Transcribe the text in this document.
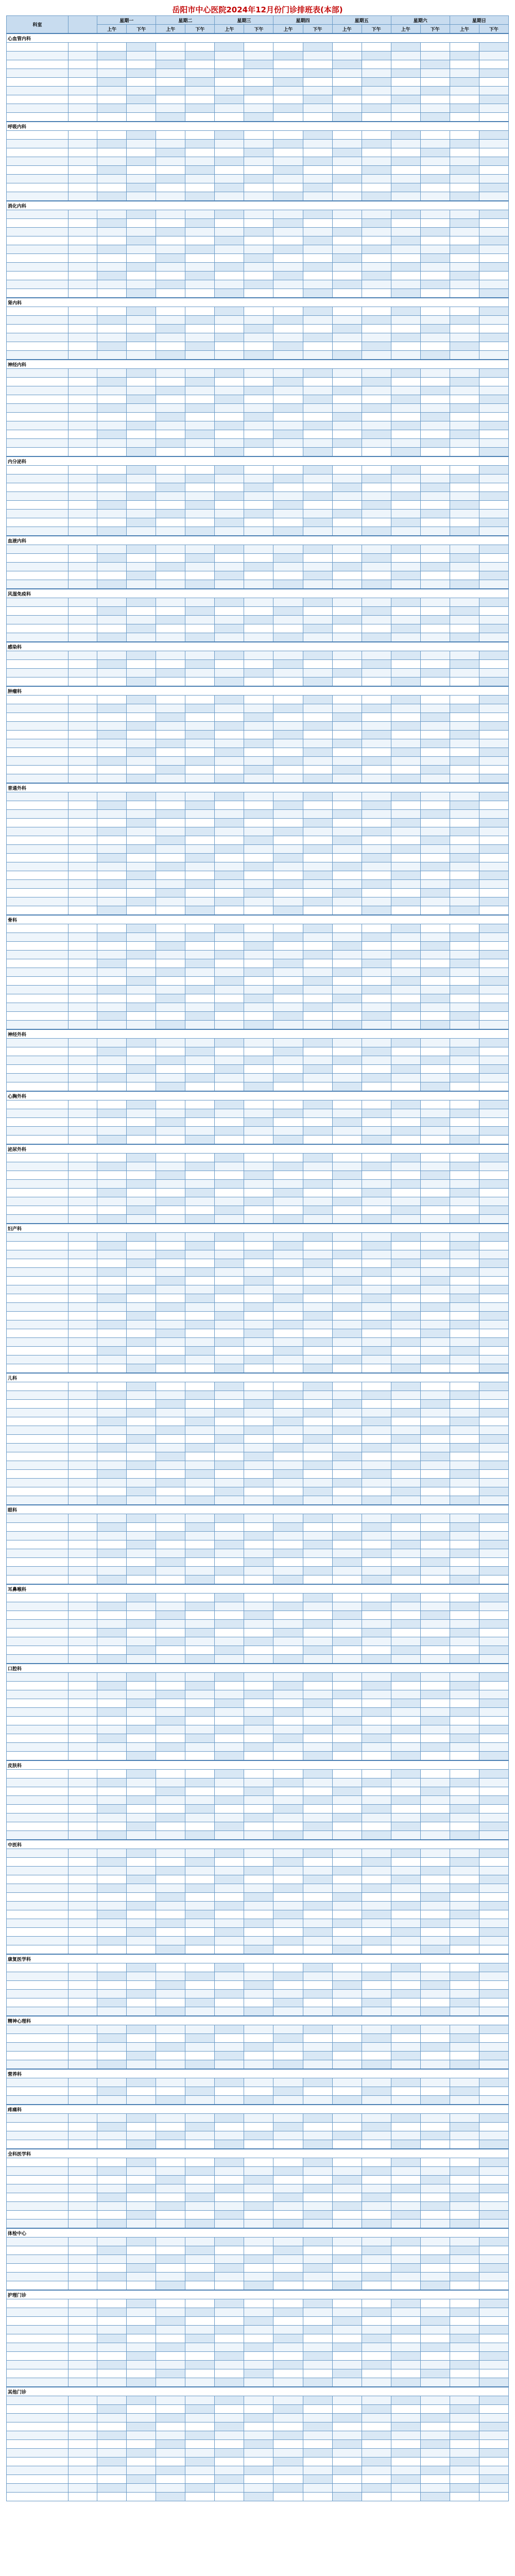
岳阳市中心医院2024年12月份门诊排班表(本部)
科室		星期一		星期二		星期三		星期四		星期五		星期六		星期日	
		上午	下午	上午	下午	上午	下午	上午	下午	上午	下午	上午	下午	上午	下午
心血管内科															

呼吸内科															

消化内科															

肾内科															

神经内科															

内分泌科															

血液内科															

风湿免疫科															

感染科															

肿瘤科															

普通外科															

骨科															

神经外科															

心胸外科															

泌尿外科															

妇产科															

儿科															

眼科															

耳鼻喉科															

口腔科															

皮肤科															

中医科															

康复医学科															

精神心理科															

营养科															

疼痛科															

全科医学科															

体检中心															

护理门诊															

其他门诊															
